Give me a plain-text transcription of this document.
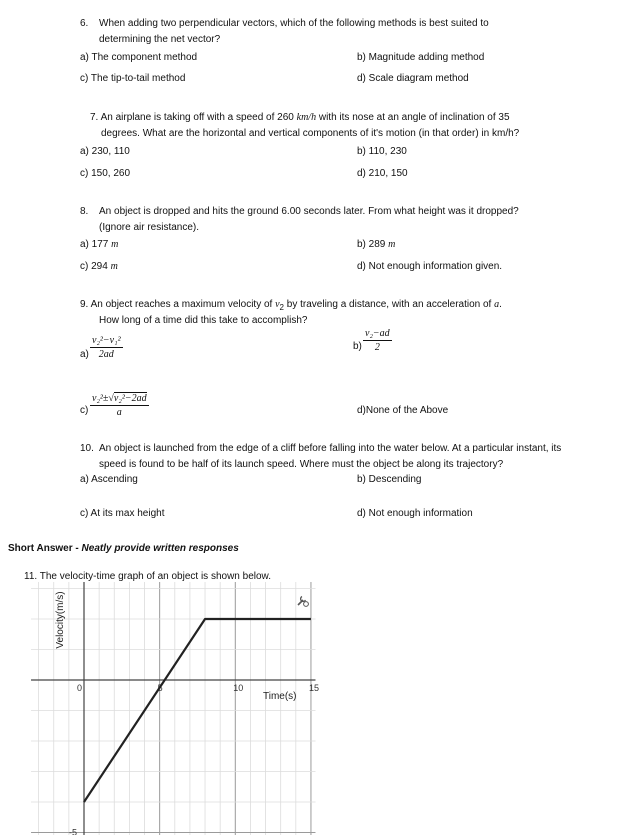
6. When adding two perpendicular vectors, which of the following methods is best suited to
determining the net vector?
a) The component method	b) Magnitude adding method
c) The tip-to-tail method	d) Scale diagram method
7. An airplane is taking off with a speed of 260 km/h with its nose at an angle of inclination of 35
degrees. What are the horizontal and vertical components of it's motion (in that order) in km/h?
a) 230, 110	b) 110, 230
c) 150, 260	d) 210, 150
8. An object is dropped and hits the ground 6.00 seconds later. From what height was it dropped?
(Ignore air resistance).
a) 177 m	b) 289 m
c) 294 m	d) Not enough information given.
9. An object reaches a maximum velocity of $v_2$ by traveling a distance, with an acceleration of a.
How long of a time did this take to accomplish?
$a) \frac{\text{v₂²−v₁²}}{2ad}$	$b) \frac{\text{v₂−ad}}{2}$
$c) \frac{\text{v₂²±√v₂²−2ad}}{a}$	d)None of the Above
10. An object is launched from the edge of a cliff before falling into the water below. At a particular instant, its
speed is found to be half of its launch speed. Where must the object be along its trajectory?
a) Ascending	b) Descending
c) At its max height	d) Not enough information
Short Answer - Neatly provide written responses
11. The velocity-time graph of an object is shown below.
0	5	10	15
-5
Velocity(m/s)
Time(s)
